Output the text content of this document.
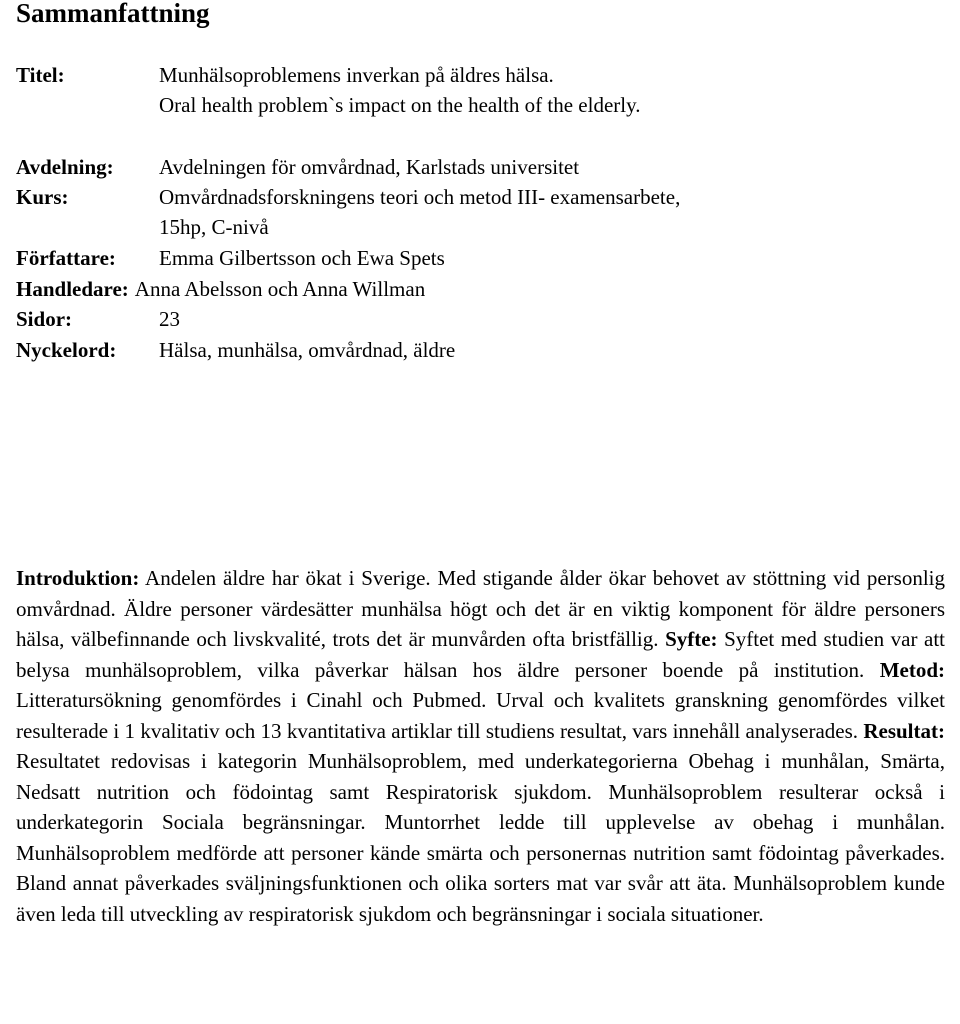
Sammanfattning
Titel:	Munhälsoproblemens inverkan på äldres hälsa.
Oral health problem`s impact on the health of the elderly.
Avdelning: Avdelningen för omvårdnad, Karlstads universitet
Kurs:	Omvårdnadsforskningens teori och metod III- examensarbete,
15hp, C-nivå
Författare: Emma Gilbertsson och Ewa Spets
Handledare: Anna Abelsson och Anna Willman
Sidor:	23
Nyckelord: Hälsa, munhälsa, omvårdnad, äldre

Introduktion: Andelen äldre har ökat i Sverige. Med stigande ålder ökar behovet av stöttning vid personlig omvårdnad. Äldre personer värdesätter munhälsa högt och det är en viktig komponent för äldre personers hälsa, välbefinnande och livskvalité, trots det är munvården ofta bristfällig. Syfte: Syftet med studien var att belysa munhälsoproblem, vilka påverkar hälsan hos äldre personer boende på institution. Metod: Litteratursökning genomfördes i Cinahl och Pubmed. Urval och kvalitets granskning genomfördes vilket resulterade i 1 kvalitativ och 13 kvantitativa artiklar till studiens resultat, vars innehåll analyserades. Resultat: Resultatet redovisas i kategorin Munhälsoproblem, med underkategorierna Obehag i munhålan, Smärta, Nedsatt nutrition och födointag samt Respiratorisk sjukdom. Munhälsoproblem resulterar också i underkategorin Sociala begränsningar. Muntorrhet ledde till upplevelse av obehag i munhålan. Munhälsoproblem medförde att personer kände smärta och personernas nutrition samt födointag påverkades. Bland annat påverkades sväljningsfunktionen och olika sorters mat var svår att äta. Munhälsoproblem kunde även leda till utveckling av respiratorisk sjukdom och begränsningar i sociala situationer.
